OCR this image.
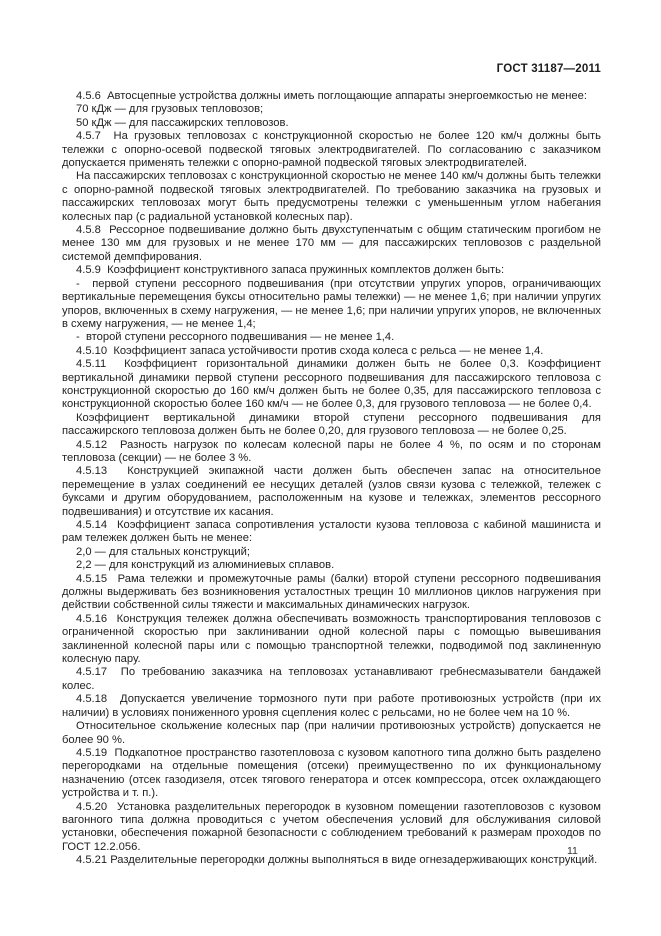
ГОСТ 31187—2011

4.5.6  Автосцепные устройства должны иметь поглощающие аппараты энергоемкостью не менее:

70 кДж — для грузовых тепловозов;

50 кДж — для пассажирских тепловозов.

4.5.7  На грузовых тепловозах с конструкционной скоростью не более 120 км/ч должны быть тележки с опорно-осевой подвеской тяговых электродвигателей. По согласованию с заказчиком допускается применять тележки с опорно-рамной подвеской тяговых электродвигателей.

На пассажирских тепловозах с конструкционной скоростью не менее 140 км/ч должны быть тележки с опорно-рамной подвеской тяговых электродвигателей. По требованию заказчика на грузовых и пассажирских тепловозах могут быть предусмотрены тележки с уменьшенным углом набегания колесных пар (с радиальной установкой колесных пар).

4.5.8  Рессорное подвешивание должно быть двухступенчатым с общим статическим прогибом не менее 130 мм для грузовых и не менее 170 мм — для пассажирских тепловозов с раздельной системой демпфирования.

4.5.9  Коэффициент конструктивного запаса пружинных комплектов должен быть:

-  первой ступени рессорного подвешивания (при отсутствии упругих упоров, ограничивающих вертикальные перемещения буксы относительно рамы тележки) — не менее 1,6; при наличии упругих упоров, включенных в схему нагружения, — не менее 1,6; при наличии упругих упоров, не включенных в схему нагружения, — не менее 1,4;

-  второй ступени рессорного подвешивания — не менее 1,4.

4.5.10  Коэффициент запаса устойчивости против схода колеса с рельса — не менее 1,4.

4.5.11  Коэффициент горизонтальной динамики должен быть не более 0,3. Коэффициент вертикальной динамики первой ступени рессорного подвешивания для пассажирского тепловоза с конструкционной скоростью до 160 км/ч должен быть не более 0,35, для пассажирского тепловоза с конструкционной скоростью более 160 км/ч — не более 0,3, для грузового тепловоза — не более 0,4.

Коэффициент вертикальной динамики второй ступени рессорного подвешивания для пассажирского тепловоза должен быть не более 0,20, для грузового тепловоза — не более 0,25.

4.5.12  Разность нагрузок по колесам колесной пары не более 4 %, по осям и по сторонам тепловоза (секции) — не более 3 %.

4.5.13  Конструкцией экипажной части должен быть обеспечен запас на относительное перемещение в узлах соединений ее несущих деталей (узлов связи кузова с тележкой, тележек с буксами и другим оборудованием, расположенным на кузове и тележках, элементов рессорного подвешивания) и отсутствие их касания.

4.5.14  Коэффициент запаса сопротивления усталости кузова тепловоза с кабиной машиниста и рам тележек должен быть не менее:

2,0 — для стальных конструкций;

2,2 — для конструкций из алюминиевых сплавов.

4.5.15  Рама тележки и промежуточные рамы (балки) второй ступени рессорного подвешивания должны выдерживать без возникновения усталостных трещин 10 миллионов циклов нагружения при действии собственной силы тяжести и максимальных динамических нагрузок.

4.5.16  Конструкция тележек должна обеспечивать возможность транспортирования тепловозов с ограниченной скоростью при заклинивании одной колесной пары с помощью вывешивания заклиненной колесной пары или с помощью транспортной тележки, подводимой под заклиненную колесную пару.

4.5.17  По требованию заказчика на тепловозах устанавливают гребнесмазыватели бандажей колес.

4.5.18  Допускается увеличение тормозного пути при работе противоюзных устройств (при их наличии) в условиях пониженного уровня сцепления колес с рельсами, но не более чем на 10 %.

Относительное скольжение колесных пар (при наличии противоюзных устройств) допускается не более 90 %.

4.5.19  Подкапотное пространство газотепловоза с кузовом капотного типа должно быть разделено перегородками на отдельные помещения (отсеки) преимущественно по их функциональному назначению (отсек газодизеля, отсек тягового генератора и отсек компрессора, отсек охлаждающего устройства и т. п.).

4.5.20  Установка разделительных перегородок в кузовном помещении газотепловозов с кузовом вагонного типа должна проводиться с учетом обеспечения условий для обслуживания силовой установки, обеспечения пожарной безопасности с соблюдением требований к размерам проходов по ГОСТ 12.2.056.

4.5.21 Разделительные перегородки должны выполняться в виде огнезадерживающих конструкций.

11
